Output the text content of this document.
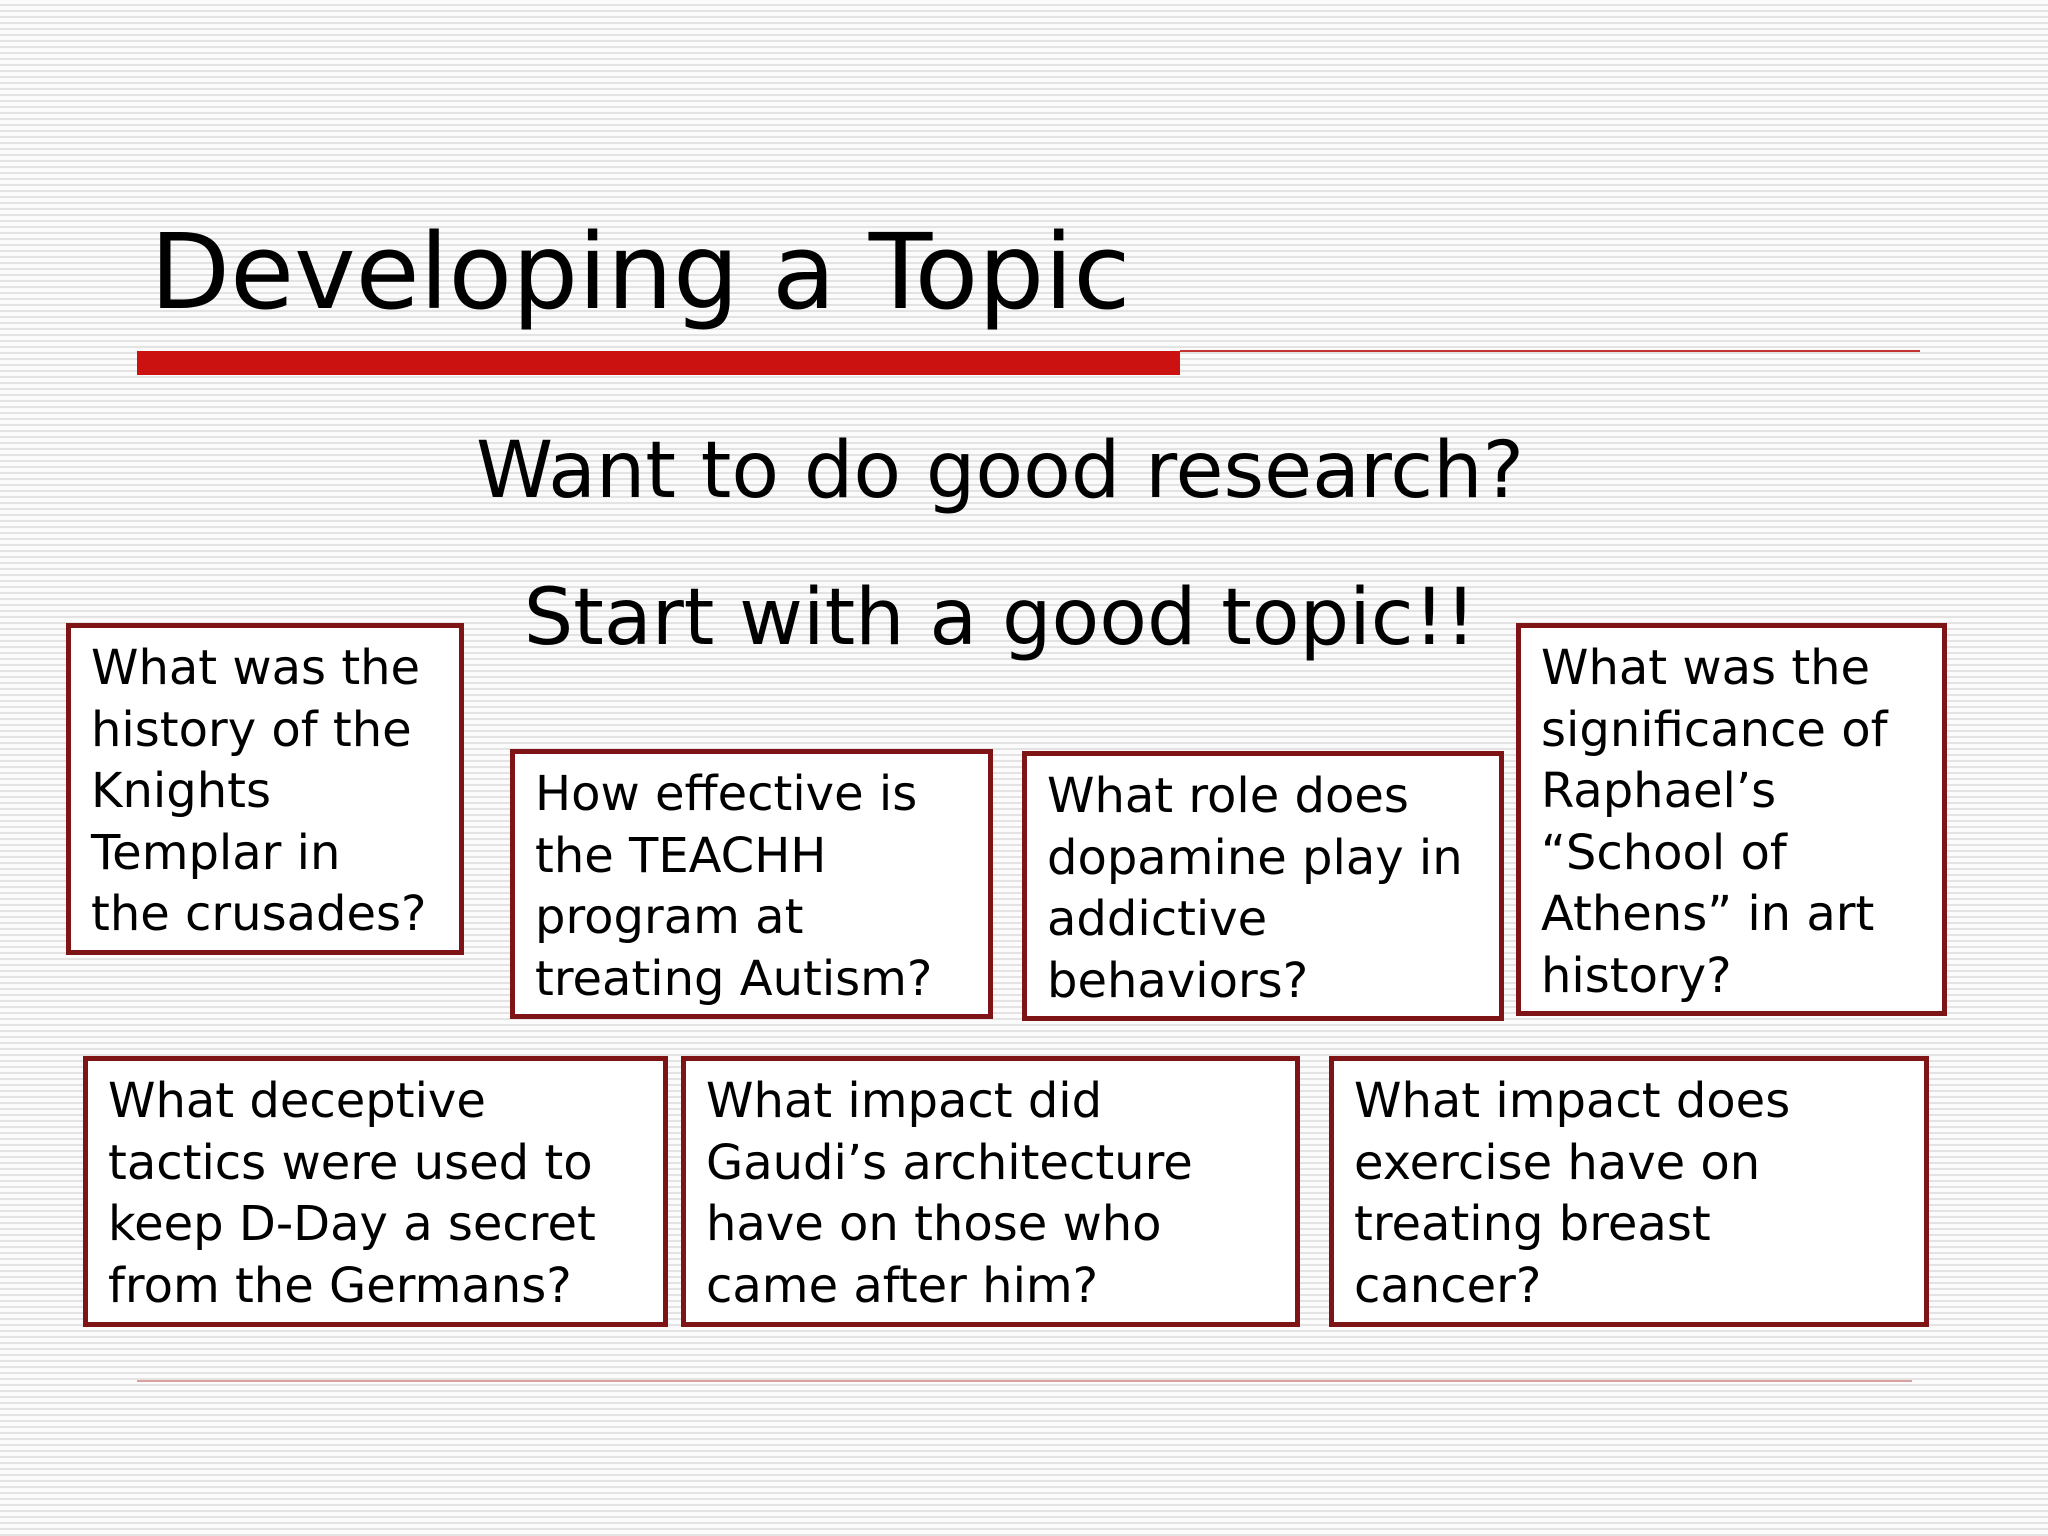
Developing a Topic
Want to do good research?
Start with a good topic!!
What was the
history of the
Knights
Templar in
the crusades?
How effective is
the TEACHH
program at
treating Autism?
What role does
dopamine play in
addictive
behaviors?
What was the
significance of
Raphael’s
“School of
Athens” in art
history?
What deceptive
tactics were used to
keep D-Day a secret
from the Germans?
What impact did
Gaudi’s architecture
have on those who
came after him?
What impact does
exercise have on
treating breast
cancer?
